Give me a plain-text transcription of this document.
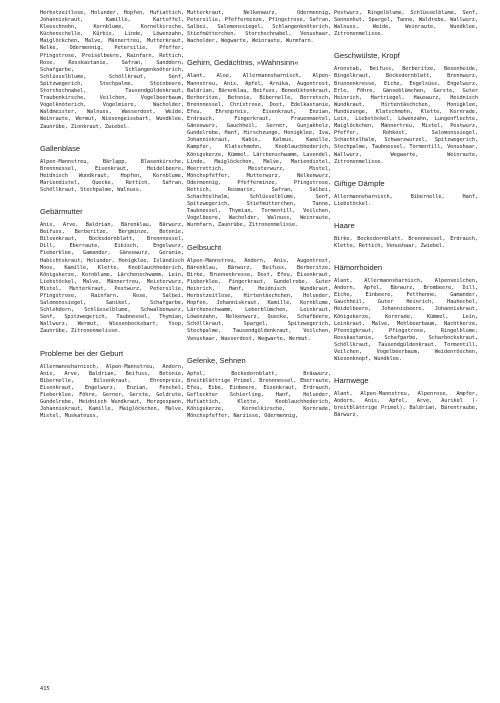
Herbstzeitlose, Holunder, Hopfen, Hufiattich, Johanniskraut, Kamille, Kartoffel, Kleeschnohn, Kornblume, Kornelkirsche, Küchenschelle, Kürbis, Linde, Löwenzahn, Maiglöckchen, Malve, Männertreu, Mutterkraut, Nelke, Odermennig, Petersilie, Pfeffer, Pfingstrose, Preiselbeere, Rainfarn, Rettich, Rose, Rosskastanie, Safran, Sanddorn, Schafgarbe, Schlangenknöterich, Schlüsselblume, Schöllkraut, Senf, Spitzwegerich, Stechpalme, Steinbeere, Storchschnabel, Tausendgüldenkraut, Traubenkirsche, Veilchen, Vogelbeerbaum, Vogelknöterich, Vogelmiere, Wacholder, Waldmeister, Walnuss, Wasserdost, Weide, Weinraute, Wermut, Wiesengeissbart, Wundklee, Zaunrübe, Zinnkraut, Zwiebel.

Gallenblase

Alpen-Mannstreu, Bärlapp, Blasenkirsche, Brennnessel, Eisenkraut, Heidelbeere, Heidnisch Wundkraut, Hopfen, Kornblume, Mariendistel, Quecke, Rettich, Safran, Schöllkraut, Stechpalme, Walnuss.

Gebärmutter

Anis, Arve, Baldrian, Bärenklau, Bärwurz, Beifuss, Berberitze, Bergminze, Betonie, Bilsenkraut, Bocksdornblatt, Brennnessel, Dill, Eberraute, Eibisch, Engelwurz, Fieberklee, Gamander, Gänsewurz, Geranie, Habichtskraut, Holunder, Honigklee, Isländisch Moos, Kamille, Klette, Knoblauchhederich, Königskerze, Kornblume, Lärchenschwamm, Lein, Liebstöckel, Malve, Männertreu, Meisterwurz, Mistel, Mutterkraut, Pestwurz, Petersilie, Pfingstrose, Rainfarn, Rose, Salbei, Salomonssiegel, Sanikel, Schafgarbe, Schlehdorn, Schlüsselblume, Schwalbenwurz, Senf, Spitzwegerich, Taubnessel, Thymian, Wallwurz, Wermut, Wiesenbocksbart, Ysop, Zaunrübe, Zitronenmelisse.

Probleme bei der Geburt

Allermannsharnisch, Alpen-Mannstreu, Andorn, Anis, Arve, Baldrian, Beifuss, Betonie, Bibernelle, Bilsenkraut, Ehrenpreis, Eisenkraut, Engelwurz, Enzian, Fenchel, Fieberklee, Föhre, Gerner, Gerste, Goldrute, Gundelrebe, Heidnisch Wundkraut, Herzgespann, Johanniskraut, Kamille, Maiglöckchen, Malve, Mistel, Muskatnuss,

Mutterkraut, Nelkenwurz, Odermennig, Petersilie, Pfefferminze, Pfingstrose, Safran, Salbei, Salomonssiegel, Schlangenknöterich, Stiefmütterchen, Storchschnabel, Venushaar, Wacholder, Wegwarte, Weinraute, Wurmfarn.

Gehirn, Gedächtnis, »Wahnsinn«

Alant, Aloe, Allermannsharnisch, Alpen-Mannstreu, Anis, Apfel, Arnika, Augentrost, Baldrian, Bärenklau, Beifuss, Benediktenkraut, Berberitze, Betonie, Bibernelle, Borretsch, Brennnessel, Christrose, Dost, Edelkastanie, Efeu, Ehrenpreis, Eisenkraut, Enzian, Erdrauch, Fingerkraut, Frauenmantel, Gänsewurz, Gauchheil, Gerner, Gunjakholz, Gundelrebe, Hanf, Hirschzunge, Honigklee, Iva, Johanniskraut, Kabis, Kalmus, Kamille, Kampfer, Klatschmohn, Knoblauchhederich, Königskerze, Kümmel, Lärchenschwamm, Lavendel, Linde, Maiglöckchen, Malve, Mariendistel, Meerrettich, Meisterwurz, Mistel, Mönchspfeffer, Mutterwurz, Nelkenwurz, Odermennig, Pfefferminze, Pfingstrose, Rettich, Rosmarin, Safran, Salbei, Schachtelhalm, Schlüsselblume, Senf, Spitzwegerich, Stiefmütterchen, Tanne, Taubnessel, Thymian, Tormentill, Veilchen, Vogelbeere, Wacholder, Walnuss, Weinraute, Wurmfarn, Zaunrübe, Zitronenmelisse.

Gelbsucht

Alpen-Mannstreu, Andorn, Anis, Augentrost, Bärenklau, Bärwurz, Beifuss, Berberitze, Birke, Brunnenkresse, Dost, Efeu, Eisenkraut, Fieberklee, Fingerkraut, Gundelrebe, Guter Heinrich, Hanf, Heidnisch Wundkraut, Herbstzeitlose, Hirtentäschchen, Holunder, Hopfen, Johanniskraut, Kamille, Kornblume, Lärchenschwamm, Leberblümchen, Leinkraut, Löwenzahn, Nelkenwurz, Quecke, Schafbeere, Schöllkraut, Spargel, Spitzwegerich, Stechpalme, Tausendgüldenkraut, Veilchen, Venushaar, Wasserdost, Wegwarte, Wermut.

Gelenke, Sehnen

Apfel, Bocksdornblatt, Bräuwurz, Breitblättrige Primel, Brennnessel, Eberraute, Efeu, Eibe, Einbeere, Eisenkraut, Erdrauch, Gefleckter Schierling, Hanf, Holunder, Hufiattich, Klette, Knoblauchhederich, Königskerze, Kornelkirsche, Kornrade, Mönchspfeffer, Narzisse, Odermennig,

Pestwurz, Ringelblume, Schlüsselblume, Senf, Sonnenhut, Spargel, Tanne, Waldrebe, Wallwurz, Walnuss, Weide, Weinraute, Wundklee, Zitronenmelisse.

Geschwülste, Kropf

Aronstab, Beifuss, Berberitze, Besenheide, Bingelkraut, Bocksdornblatt, Brennwurz, Brunnenkresse, Eiche, Engelsüss, Engelwurz, Erle, Föhre, Gänseblümchen, Gerste, Guter Heinrich, Hartriegel, Hauswurz, Heidnisch Wundkraut, Hirtentäschchen, Honigklee, Hundszunge, Klatschmohn, Klette, Kornrade, Lein, Liebstöckel, Löwenzahn, Lungenflechte, Maiglöckchen, Männertreu, Mistel, Pestwurz, Pfeffer, Rohkost, Salomonssiegel, Schachtelhalm, Schwarzwurzel, Spitzwegerich, Stechpalme, Taubnessel, Tormentill, Venushaar, Wallwurz, Wegwarte, Weinraute, Zitronenmelisse.

Giftige Dämpfe

Allermannsharnisch, Bibernelle, Hanf, Liebstöckel.

Haare

Birke, Bocksdornblatt, Brennnessel, Erdrauch, Klette, Rettich, Venushaar, Zwiebel.

Hämorrhoiden

Alant, Allermannsharnisch, Alpenveilchen, Andorn, Apfel, Bärwurz, Brombeere, Dill, Eiche, Einbeere, Fetthenne, Gamander, Gauchheil, Guter Heinrich, Hauhechel, Heidelbeere, Johannisbeere, Johanniskraut, Königskerze, Kornrade, Kümmel, Lein, Leinkraut, Malve, Mehlbeerbaum, Nachtkerze, Pfennigkraut, Pfingstrose, Ringelblume, Rosskastanie, Schafgarbe, Scharbockskraut, Schöllkraut, Tausendgüldenkraut, Tormentill, Veilchen, Vogelbeerbaum, Weidenröschen, Wiesenknopf, Wundklee.

Harnwege

Alant, Alpen-Mannstreu, Alpenrose, Ampfer, Andorn, Anis, Apfel, Arve, Aurikel (-breitblättrige Primel), Baldrian, Bärentraube, Bärwurz,

415
